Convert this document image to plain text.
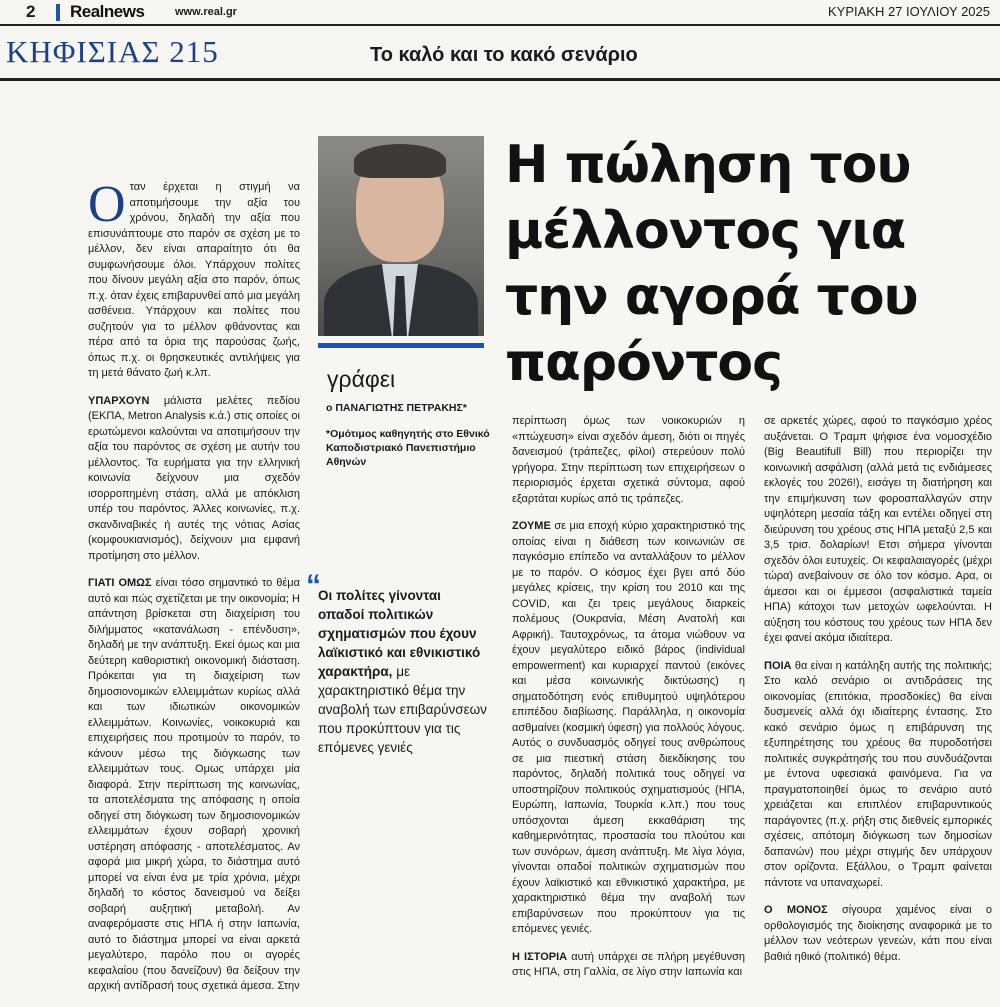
2 Realnews	www.real.gr	ΚΥΡΙΑΚΗ 27 ΙΟΥΛΙΟΥ 2025
ΚΗΦΙΣΙΑΣ 215	Το καλό και το κακό σενάριο
Η πώληση του μέλλοντος για την αγορά του παρόντος
γράφει
ο ΠΑΝΑΓΙΩΤΗΣ ΠΕΤΡΑΚΗΣ*
*Ομότιμος καθηγητής στο Εθνικό Καποδιστριακό Πανεπιστήμιο Αθηνών
“
Οι πολίτες γίνονται οπαδοί πολιτικών σχηματισμών που έχουν λαϊκιστικό και εθνικιστικό χαρακτήρα, με χαρακτηριστικό θέμα την αναβολή των επιβαρύνσεων που προκύπτουν για τις επόμενες γενιές

Οταν έρχεται η στιγμή να αποτιμήσουμε την αξία του χρόνου, δηλαδή την αξία που επισυνάπτουμε στο παρόν σε σχέση με το μέλλον, δεν είναι απαραίτητο ότι θα συμφωνήσουμε όλοι. Υπάρχουν πολίτες που δίνουν μεγάλη αξία στο παρόν, όπως π.χ. όταν έχεις επιβαρυνθεί από μια μεγάλη ασθένεια. Υπάρχουν και πολίτες που συζητούν για το μέλλον φθάνοντας και πέρα από τα όρια της παρούσας ζωής, όπως π.χ. οι θρησκευτικές αντιλήψεις για τη μετά θάνατο ζωή κ.λπ.

ΥΠΑΡΧΟΥΝ μάλιστα μελέτες πεδίου (ΕΚΠΑ, Metron Analysis κ.ά.) στις οποίες οι ερωτώμενοι καλούνται να αποτιμήσουν την αξία του παρόντος σε σχέση με αυτήν του μέλλοντος. Τα ευρήματα για την ελληνική κοινωνία δείχνουν μια σχεδόν ισορροπημένη στάση, αλλά με απόκλιση υπέρ του παρόντος. Άλλες κοινωνίες, π.χ. σκανδιναβικές ή αυτές της νότιας Ασίας (κομφουκιανισμός), δείχνουν μια εμφανή προτίμηση στο μέλλον.

ΓΙΑΤΙ ΟΜΩΣ είναι τόσο σημαντικό το θέμα αυτό και πώς σχετίζεται με την οικονομία; Η απάντηση βρίσκεται στη διαχείριση του διλήμματος «κατανάλωση - επένδυση», δηλαδή με την ανάπτυξη. Εκεί όμως και μια δεύτερη καθοριστική οικονομική διάσταση. Πρόκειται για τη διαχείριση των δημοσιονομικών ελλειμμάτων κυρίως αλλά και των ιδιωτικών οικονομικών ελλειμμάτων. Κοινωνίες, νοικοκυριά και επιχειρήσεις που προτιμούν το παρόν, το κάνουν μέσω της διόγκωσης των ελλειμμάτων τους. Ομως υπάρχει μία διαφορά. Στην περίπτωση της κοινωνίας, τα αποτελέσματα της απόφασης η οποία οδηγεί στη διόγκωση των δημοσιονομικών ελλειμμάτων έχουν σοβαρή χρονική υστέρηση απόφασης - αποτελέσματος. Αν αφορά μια μικρή χώρα, το διάστημα αυτό μπορεί να είναι ένα με τρία χρόνια, μέχρι δηλαδή το κόστος δανεισμού να δείξει σοβαρή αυξητική μεταβολή. Αν αναφερόμαστε στις ΗΠΑ ή στην Ιαπωνία, αυτό το διάστημα μπορεί να είναι αρκετά μεγαλύτερο, παρόλο που οι αγορές κεφαλαίου (που δανείζουν) θα δείξουν την αρχική αντίδρασή τους σχετικά άμεσα. Στην

περίπτωση όμως των νοικοκυριών η «πτώχευση» είναι σχεδόν άμεση, διότι οι πηγές δανεισμού (τράπεζες, φίλοι) στερεύουν πολύ γρήγορα. Στην περίπτωση των επιχειρήσεων ο περιορισμός έρχεται σχετικά σύντομα, αφού εξαρτάται κυρίως από τις τράπεζες.

ΖΟΥΜΕ σε μια εποχή κύριο χαρακτηριστικό της οποίας είναι η διάθεση των κοινωνιών σε παγκόσμιο επίπεδο να ανταλλάξουν το μέλλον με το παρόν. Ο κόσμος έχει βγει από δύο μεγάλες κρίσεις, την κρίση του 2010 και της COVID, και ζει τρεις μεγάλους διαρκείς πολέμους (Ουκρανία, Μέση Ανατολή και Αφρική). Ταυτοχρόνως, τα άτομα νιώθουν να έχουν μεγαλύτερο ειδικό βάρος (individual empowerment) και κυριαρχεί παντού (εικόνες και μέσα κοινωνικής δικτύωσης) η σηματοδότηση ενός επιθυμητού υψηλότερου επιπέδου διαβίωσης. Παράλληλα, η οικονομία ασθμαίνει (κοσμική ύφεση) για πολλούς λόγους. Αυτός ο συνδυασμός οδηγεί τους ανθρώπους σε μια πιεστική στάση διεκδίκησης του παρόντος, δηλαδή πολιτικά τους οδηγεί να υποστηρίζουν πολιτικούς σχηματισμούς (ΗΠΑ, Ευρώπη, Ιαπωνία, Τουρκία κ.λπ.) που τους υπόσχονται άμεση εκκαθάριση της καθημερινότητας, προστασία του πλούτου και των συνόρων, άμεση ανάπτυξη. Με λίγα λόγια, γίνονται οπαδοί πολιτικών σχηματισμών που έχουν λαϊκιστικό και εθνικιστικό χαρακτήρα, με χαρακτηριστικό θέμα την αναβολή των επιβαρύνσεων που προκύπτουν για τις επόμενες γενιές.

Η ΙΣΤΟΡΙΑ αυτή υπάρχει σε πλήρη μεγέθυνση στις ΗΠΑ, στη Γαλλία, σε λίγο στην Ιαπωνία και

σε αρκετές χώρες, αφού το παγκόσμιο χρέος αυξάνεται. Ο Τραμπ ψήφισε ένα νομοσχέδιο (Big Beautifull Bill) που περιορίζει την κοινωνική ασφάλιση (αλλά μετά τις ενδιάμεσες εκλογές του 2026!), εισάγει τη διατήρηση και την επιμήκυνση των φοροαπαλλαγών στην υψηλότερη μεσαία τάξη και εντέλει οδηγεί στη διεύρυνση του χρέους στις ΗΠΑ μεταξύ 2,5 και 3,5 τρισ. δολαρίων! Ετσι σήμερα γίνονται σχεδόν όλοι ευτυχείς. Οι κεφαλαιαγορές (μέχρι τώρα) ανεβαίνουν σε όλο τον κόσμο. Αρα, οι άμεσοι και οι έμμεσοι (ασφαλιστικά ταμεία ΗΠΑ) κάτοχοι των μετοχών ωφελούνται. Η αύξηση του κόστους του χρέους των ΗΠΑ δεν έχει φανεί ακόμα ιδιαίτερα.

ΠΟΙΑ θα είναι η κατάληξη αυτής της πολιτικής; Στο καλό σενάριο οι αντιδράσεις της οικονομίας (επιτόκια, προσδοκίες) θα είναι δυσμενείς αλλά όχι ιδιαίτερης έντασης. Στο κακό σενάριο όμως η επιβάρυνση της εξυπηρέτησης του χρέους θα πυροδοτήσει πολιτικές συγκράτησής του που συνδυάζονται με έντονα υφεσιακά φαινόμενα. Για να πραγματοποιηθεί όμως το σενάριο αυτό χρειάζεται και επιπλέον επιβαρυντικούς παράγοντες (π.χ. ρήξη στις διεθνείς εμπορικές σχέσεις, απότομη διόγκωση των δημοσίων δαπανών) που μέχρι στιγμής δεν υπάρχουν στον ορίζοντα. Εξάλλου, ο Τραμπ φαίνεται πάντοτε να υπαναχωρεί.

Ο ΜΟΝΟΣ σίγουρα χαμένος είναι ο ορθολογισμός της διοίκησης αναφορικά με το μέλλον των νεότερων γενεών, κάτι που είναι βαθιά ηθικό (πολιτικό) θέμα.
